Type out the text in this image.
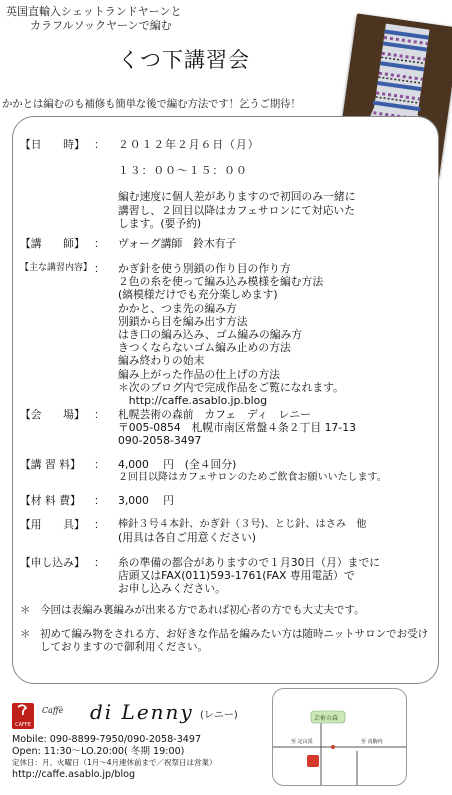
英国直輸入シェットランドヤーンと
カラフルソックヤーンで編む
くつ下講習会
かかとは編むのも補修も簡単な後で編む方法です！乞うご期待！
【日　　時】 ： ２０１２年２月６日（月）
１３：００〜１５：００
編む速度に個人差がありますので初回のみ一緒に
講習し、２回目以降はカフェサロンにて対応いた
します。(要予約)
【講　　師】 ： ヴォーグ講師　鈴木有子
【主な講習内容】 ： かぎ針を使う別鎖の作り目の作り方
２色の糸を使って編み込み模様を編む方法
(縞模様だけでも充分楽しめます)
かかと、つま先の編み方
別鎖から目を編み出す方法
はき口の編み込み、ゴム編みの編み方
きつくならないゴム編み止めの方法
編み終わりの始末
編み上がった作品の仕上げの方法
＊次のブログ内で完成作品をご覧になれます。
　http://caffe.asablo.jp.blog
【会　　場】 ： 札幌芸術の森前　カフェ　ディ　レニー
〒005-0854　札幌市南区常盤４条２丁目 17-13
090-2058-3497
【講 習 料】 ： 4,000　 円　(全４回分)
２回目以降はカフェサロンのためご飲食お願いいたします。
【材 料 費】 ： 3,000　 円
【用　　具】 ： 棒針３号４本針、かぎ針（３号)、とじ針、はさみ　他
(用具は各自ご用意ください)
【申し込み】 ： 糸の準備の都合がありますので１月30日（月）までに
店頭又はFAX(011)593-1761(FAX 専用電話）で
お申し込みください。
＊ 今回は表編み裏編みが出来る方であれば初心者の方でも大丈夫です。
＊ 初めて編み物をされる方、お好きな作品を編みたい方は随時ニットサロンでお受けしておりますので御利用ください。
CAFFE
Caffè di Lenny (レニー)
Mobile: 090-8899-7950/090-2058-3497
Open: 11:30〜LO.20:00( 冬期 19:00)
定休日：月、火曜日（1月〜4月連休前まで／祝祭日は営業）
http://caffe.asablo.jp/blog
芸術の森
至 定山渓	至 真駒内
